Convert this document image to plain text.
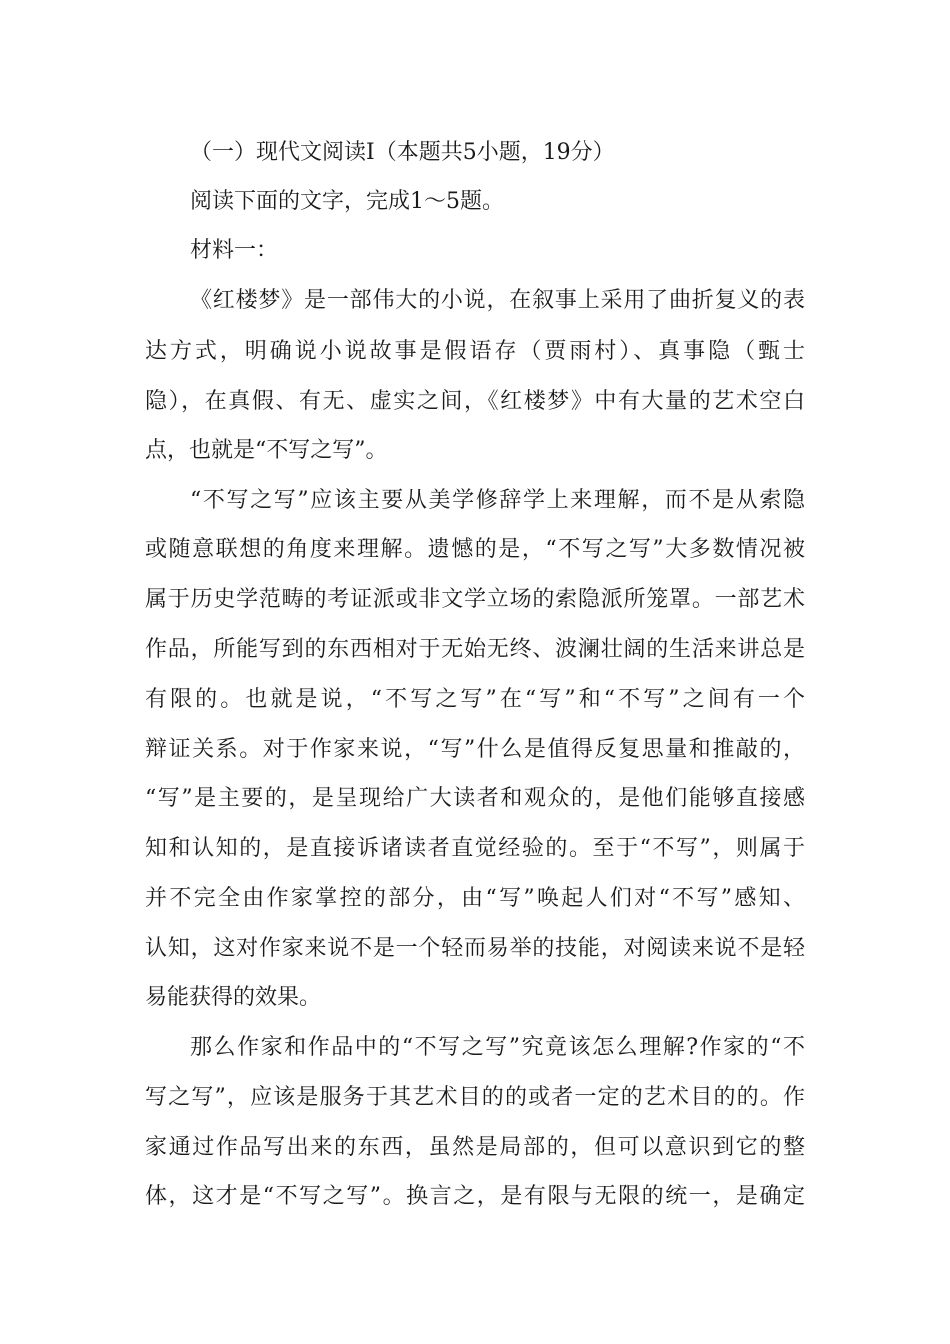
（一）现代文阅读Ⅰ（本题共5小题，19分）
阅读下面的文字，完成1～5题。
材料一：
《红楼梦》是一部伟大的小说，在叙事上采用了曲折复义的表
达方式，明确说小说故事是假语存（贾雨村）、真事隐（甄士
隐），在真假、有无、虚实之间，《红楼梦》中有大量的艺术空白
点，也就是“不写之写”。
“不写之写”应该主要从美学修辞学上来理解，而不是从索隐
或随意联想的角度来理解。遗憾的是，“不写之写”大多数情况被
属于历史学范畴的考证派或非文学立场的索隐派所笼罩。一部艺术
作品，所能写到的东西相对于无始无终、波澜壮阔的生活来讲总是
有限的。也就是说，“不写之写”在“写”和“不写”之间有一个
辩证关系。对于作家来说，“写”什么是值得反复思量和推敲的，
“写”是主要的，是呈现给广大读者和观众的，是他们能够直接感
知和认知的，是直接诉诸读者直觉经验的。至于“不写”，则属于
并不完全由作家掌控的部分，由“写”唤起人们对“不写”感知、
认知，这对作家来说不是一个轻而易举的技能，对阅读来说不是轻
易能获得的效果。
那么作家和作品中的“不写之写”究竟该怎么理解?作家的“不
写之写”，应该是服务于其艺术目的的或者一定的艺术目的的。作
家通过作品写出来的东西，虽然是局部的，但可以意识到它的整
体，这才是“不写之写”。换言之，是有限与无限的统一，是确定
